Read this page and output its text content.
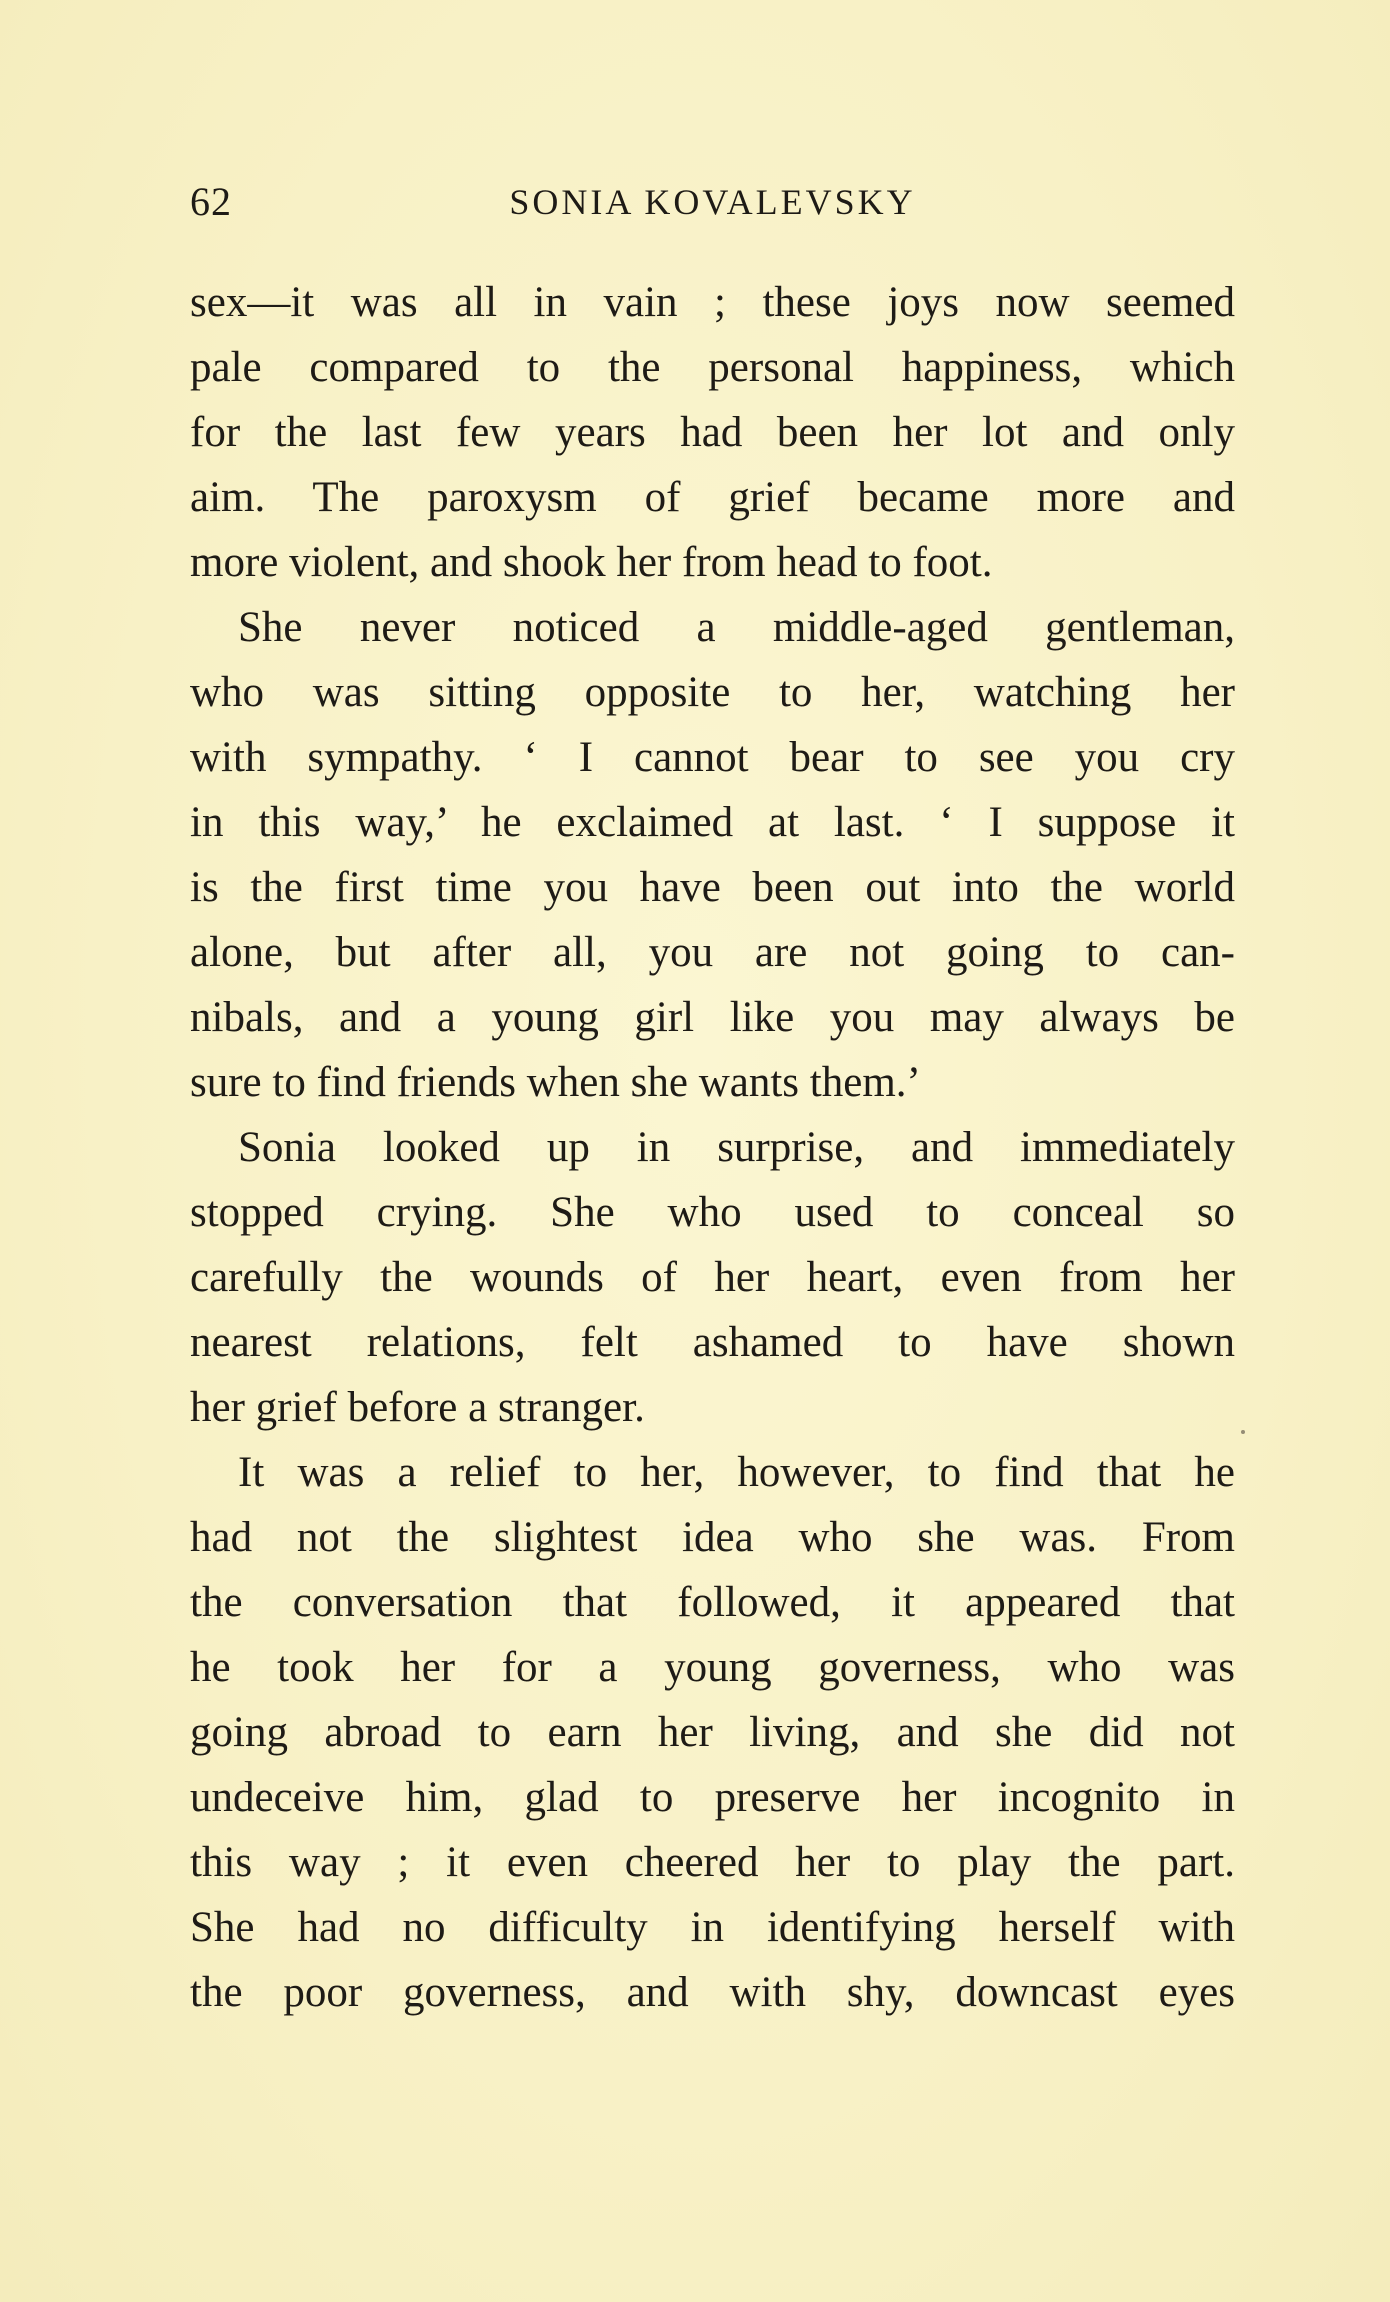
62	SONIA KOVALEVSKY
sex—it was all in vain ; these joys now seemed
pale compared to the personal happiness, which
for the last few years had been her lot and only
aim. The paroxysm of grief became more and
more violent, and shook her from head to foot.
She never noticed a middle-aged gentleman,
who was sitting opposite to her, watching her
with sympathy. ‘ I cannot bear to see you cry
in this way,’ he exclaimed at last. ‘ I suppose it
is the first time you have been out into the world
alone, but after all, you are not going to can-
nibals, and a young girl like you may always be
sure to find friends when she wants them.’
Sonia looked up in surprise, and immediately
stopped crying. She who used to conceal so
carefully the wounds of her heart, even from her
nearest relations, felt ashamed to have shown
her grief before a stranger.
It was a relief to her, however, to find that he
had not the slightest idea who she was. From
the conversation that followed, it appeared that
he took her for a young governess, who was
going abroad to earn her living, and she did not
undeceive him, glad to preserve her incognito in
this way ; it even cheered her to play the part.
She had no difficulty in identifying herself with
the poor governess, and with shy, downcast eyes
